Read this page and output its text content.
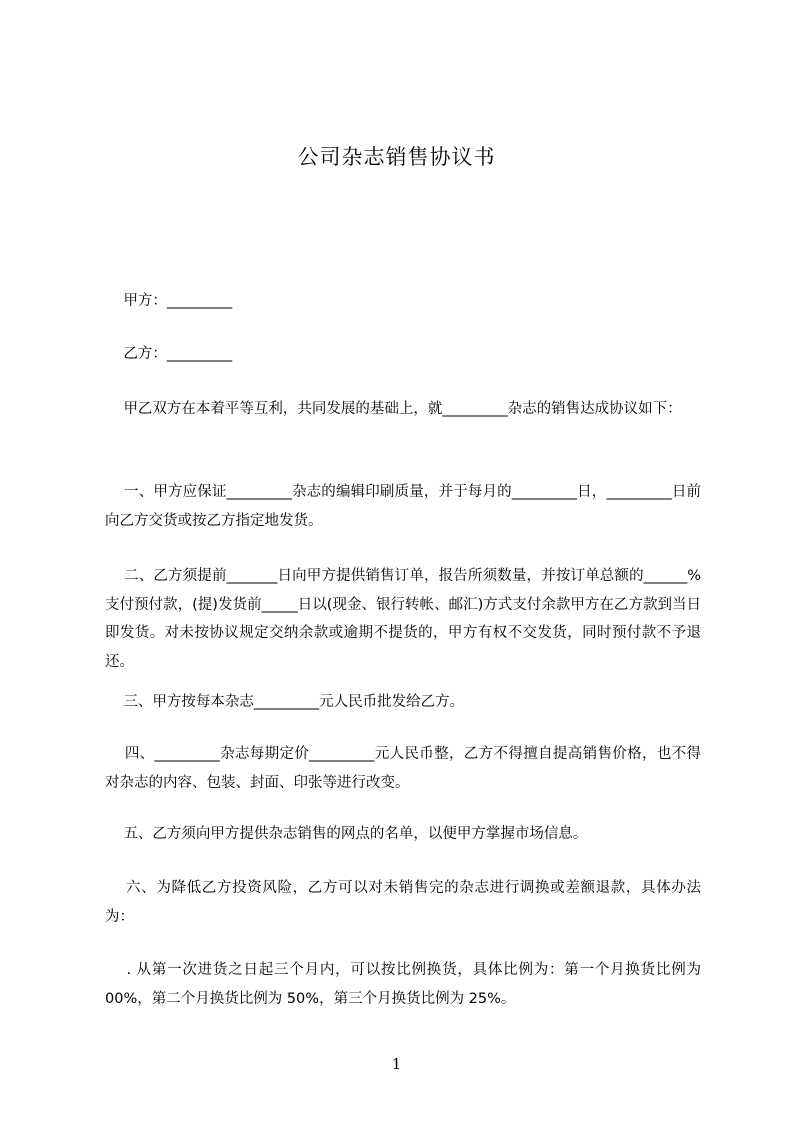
公司杂志销售协议书
甲方：_________
乙方：_________
甲乙双方在本着平等互利，共同发展的基础上，就_________杂志的销售达成协议如下：
一、甲方应保证_________杂志的编辑印刷质量，并于每月的_________日，_________日前向乙方交货或按乙方指定地发货。
二、乙方须提前_______日向甲方提供销售订单，报告所须数量，并按订单总额的______%支付预付款，(提)发货前_____日以(现金、银行转帐、邮汇)方式支付余款甲方在乙方款到当日即发货。对未按协议规定交纳余款或逾期不提货的，甲方有权不交发货，同时预付款不予退还。
三、甲方按每本杂志_________元人民币批发给乙方。
四、_________杂志每期定价_________元人民币整，乙方不得擅自提高销售价格，也不得对杂志的内容、包装、封面、印张等进行改变。
五、乙方须向甲方提供杂志销售的网点的名单，以便甲方掌握市场信息。
六、为降低乙方投资风险，乙方可以对未销售完的杂志进行调换或差额退款，具体办法为：
. 从第一次进货之日起三个月内，可以按比例换货，具体比例为：第一个月换货比例为 00%，第二个月换货比例为 50%，第三个月换货比例为 25%。
1
